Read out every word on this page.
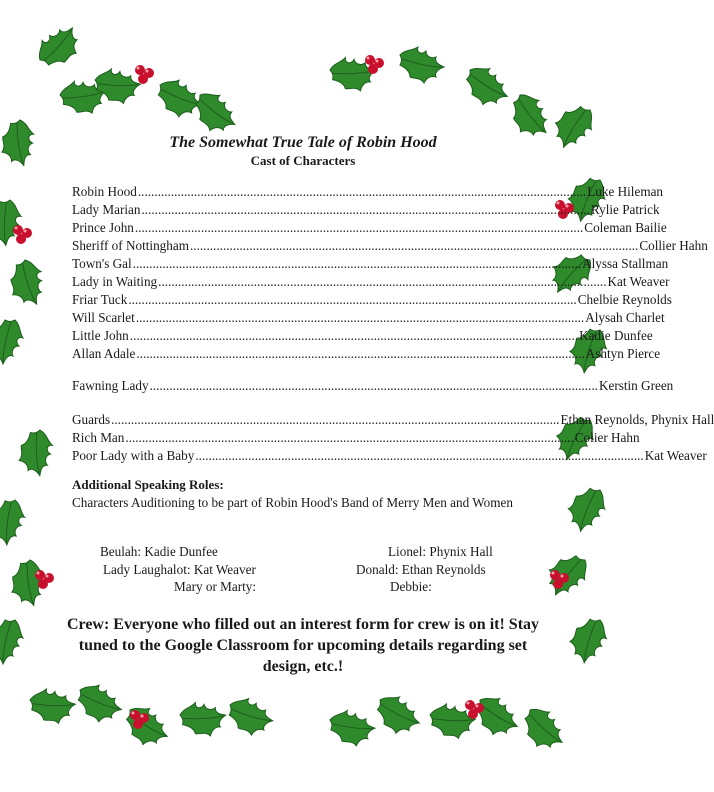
The Somewhat True Tale of Robin Hood
Cast of Characters
Robin Hood ........................................................................................................................................ Luke Hileman
Lady Marian ........................................................................................................................................ Rylie Patrick
Prince John ........................................................................................................................................ Coleman Bailie
Sheriff of Nottingham ........................................................................................................................................ Collier Hahn
Town's Gal ........................................................................................................................................ Alyssa Stallman
Lady in Waiting ........................................................................................................................................ Kat Weaver
Friar Tuck ........................................................................................................................................ Chelbie Reynolds
Will Scarlet ........................................................................................................................................ Alysah Charlet
Little John ........................................................................................................................................ Kadie Dunfee
Allan Adale ........................................................................................................................................ Ashtyn Pierce
Fawning Lady ........................................................................................................................................ Kerstin Green
Guards ........................................................................................................................................ Ethan Reynolds, Phynix Hall
Rich Man ........................................................................................................................................ Colier Hahn
Poor Lady with a Baby ........................................................................................................................................ Kat Weaver
Additional Speaking Roles:
Characters Auditioning to be part of Robin Hood's Band of Merry Men and Women
Beulah: Kadie Dunfee	Lionel: Phynix Hall
Lady Laughalot: Kat Weaver	Donald: Ethan Reynolds
Mary or Marty:	Debbie:
Crew: Everyone who filled out an interest form for crew is on it! Stay tuned to the Google Classroom for upcoming details regarding set design, etc.!
